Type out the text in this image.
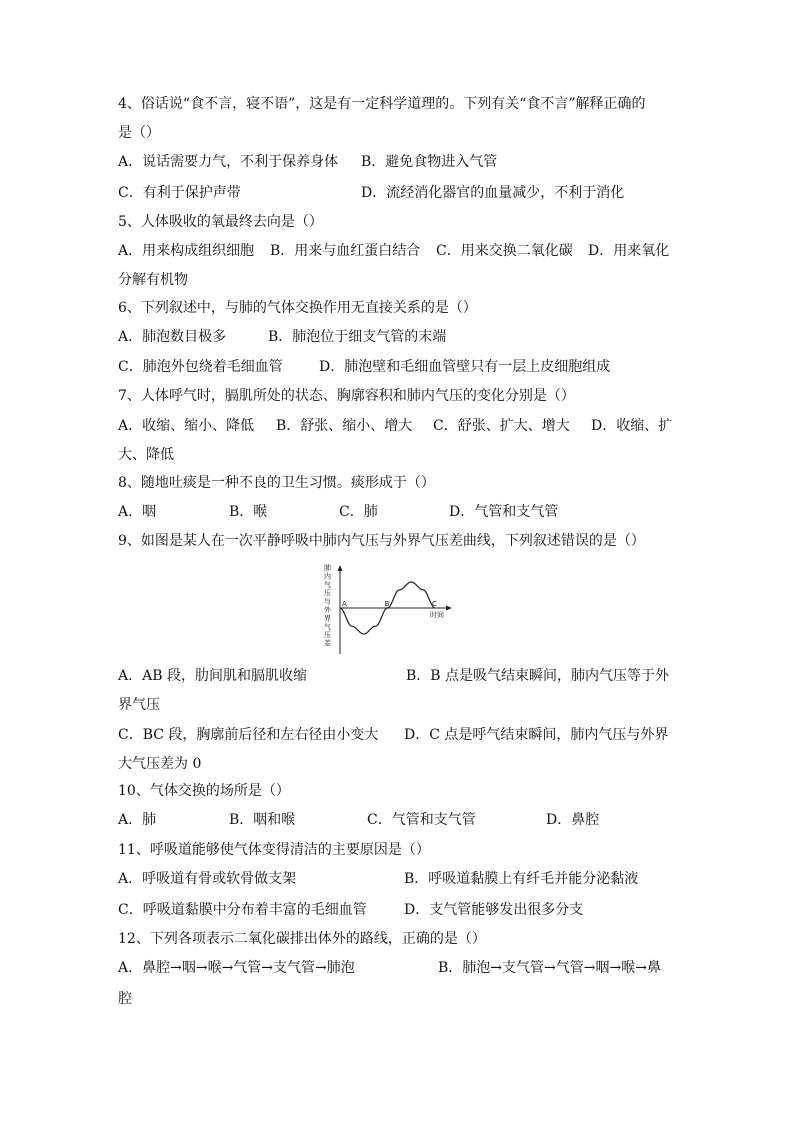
4、俗话说“食不言，寝不语”，这是有一定科学道理的。下列有关“食不言”解释正确的
是（）
A．说话需要力气，不利于保养身体 B．避免食物进入气管
C．有利于保护声带	D．流经消化器官的血量减少，不利于消化
5、人体吸收的氧最终去向是（）
A．用来构成组织细胞 B．用来与血红蛋白结合 C．用来交换二氧化碳 D．用来氧化
分解有机物
6、下列叙述中，与肺的气体交换作用无直接关系的是（）
A．肺泡数目极多	B．肺泡位于细支气管的末端
C．肺泡外包绕着毛细血管	D．肺泡壁和毛细血管壁只有一层上皮细胞组成
7、人体呼气时，膈肌所处的状态、胸廓容积和肺内气压的变化分别是（）
A．收缩、缩小、降低 B．舒张、缩小、增大 C．舒张、扩大、增大 D．收缩、扩
大、降低
8、随地吐痰是一种不良的卫生习惯。痰形成于（）
A．咽	B．喉	C．肺	D．气管和支气管
9、如图是某人在一次平静呼吸中肺内气压与外界气压差曲线，下列叙述错误的是（）
肺
内
气
压
与
外
界
气
压
差
时间
A	B	C
A．AB 段，肋间肌和膈肌收缩	B．B 点是吸气结束瞬间，肺内气压等于外
界气压
C．BC 段，胸廓前后径和左右径由小变大 D．C 点是呼气结束瞬间，肺内气压与外界
大气压差为 0
10、气体交换的场所是（）
A．肺	B．咽和喉	C．气管和支气管	D．鼻腔
11、呼吸道能够使气体变得清洁的主要原因是（）
A．呼吸道有骨或软骨做支架	B．呼吸道黏膜上有纤毛并能分泌黏液
C．呼吸道黏膜中分布着丰富的毛细血管	D．支气管能够发出很多分支
12、下列各项表示二氧化碳排出体外的路线，正确的是（）
A．鼻腔→咽→喉→气管→支气管→肺泡	B．肺泡→支气管→气管→咽→喉→鼻
腔
